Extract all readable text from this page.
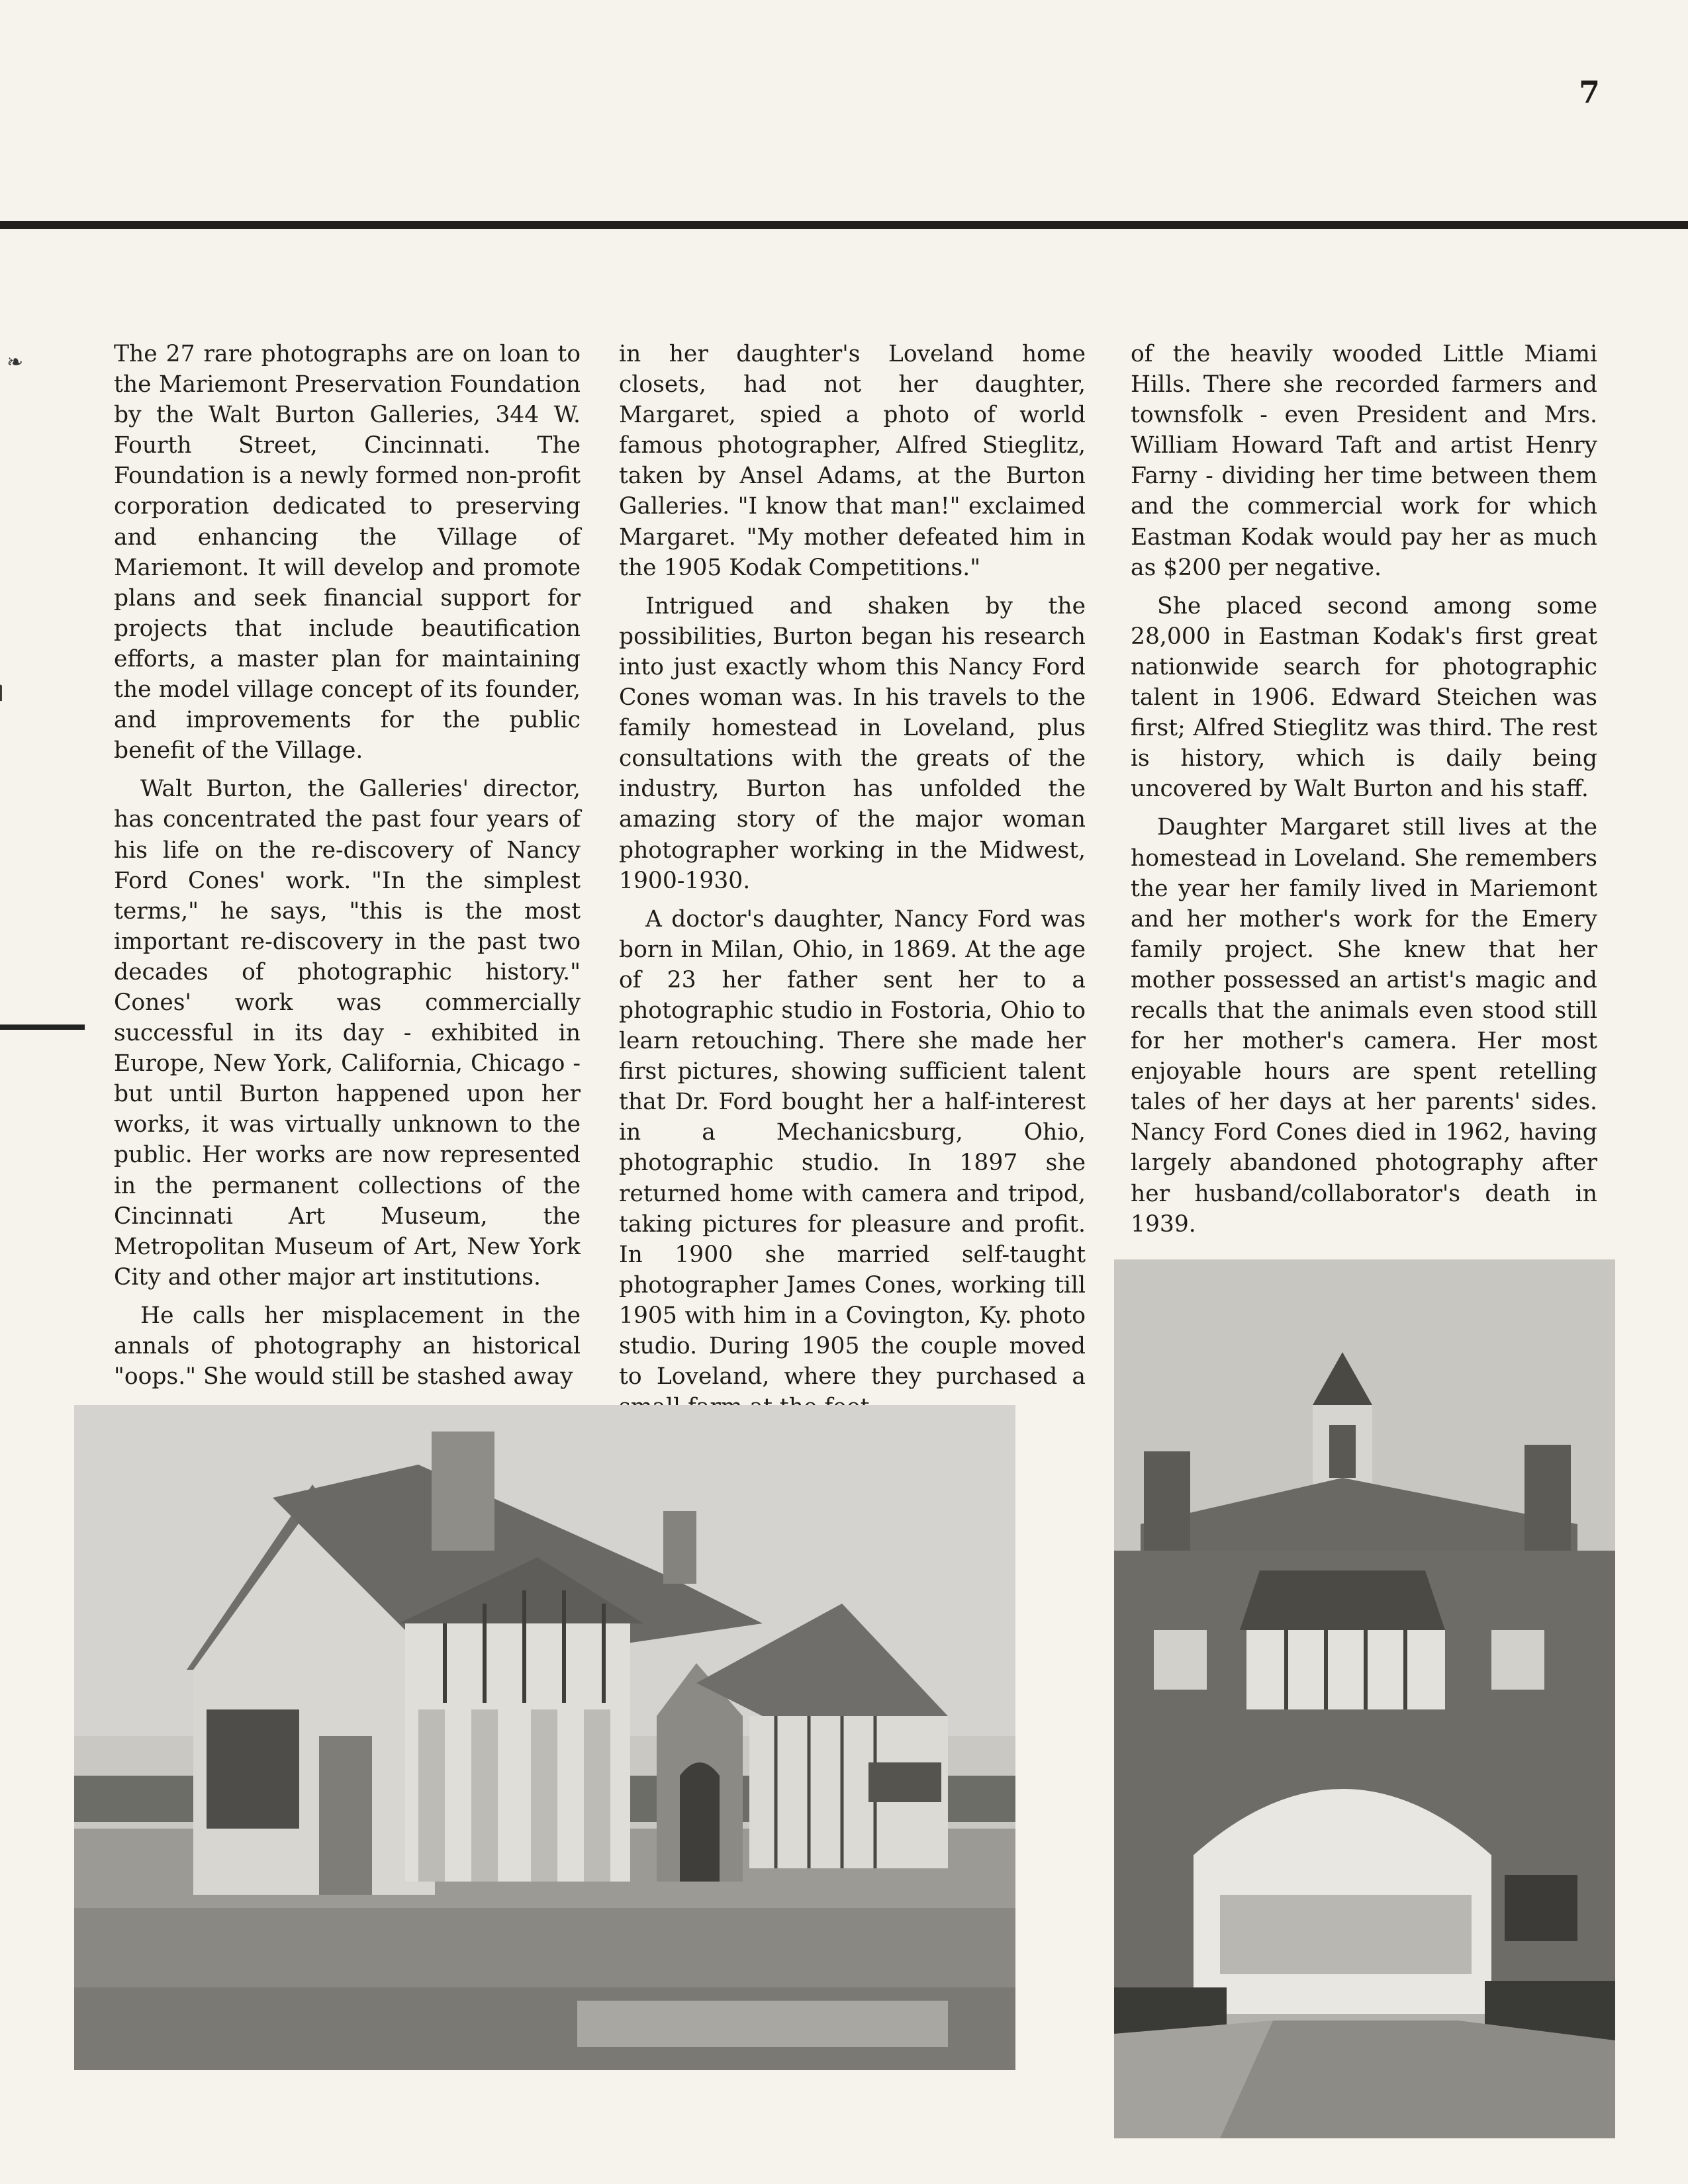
7
❧	The 27 rare photographs are on loan to the Mariemont Preservation Foundation by the Walt Burton Galleries, 344 W. Fourth Street, Cincinnati. The Foundation is a newly formed non-profit corporation dedicated to preserving and enhancing the Village of Mariemont. It will develop and promote plans and seek financial support for projects that include beautification efforts, a master plan for maintaining the model village concept of its founder, and improvements for the public benefit of the Village.

Walt Burton, the Galleries' director, has concentrated the past four years of his life on the re-discovery of Nancy Ford Cones' work. "In the simplest terms," he says, "this is the most important re-discovery in the past two decades of photographic history." Cones' work was commercially successful in its day - exhibited in Europe, New York, California, Chicago - but until Burton happened upon her works, it was virtually unknown to the public. Her works are now represented in the permanent collections of the Cincinnati Art Museum, the Metropolitan Museum of Art, New York City and other major art institutions.

He calls her misplacement in the annals of photography an historical "oops." She would still be stashed away

in her daughter's Loveland home closets, had not her daughter, Margaret, spied a photo of world famous photographer, Alfred Stieglitz, taken by Ansel Adams, at the Burton Galleries. "I know that man!" exclaimed Margaret. "My mother defeated him in the 1905 Kodak Competitions."

Intrigued and shaken by the possibilities, Burton began his research into just exactly whom this Nancy Ford Cones woman was. In his travels to the family homestead in Loveland, plus consultations with the greats of the industry, Burton has unfolded the amazing story of the major woman photographer working in the Midwest, 1900-1930.

A doctor's daughter, Nancy Ford was born in Milan, Ohio, in 1869. At the age of 23 her father sent her to a photographic studio in Fostoria, Ohio to learn retouching. There she made her first pictures, showing sufficient talent that Dr. Ford bought her a half-interest in a Mechanicsburg, Ohio, photographic studio. In 1897 she returned home with camera and tripod, taking pictures for pleasure and profit. In 1900 she married self-taught photographer James Cones, working till 1905 with him in a Covington, Ky. photo studio. During 1905 the couple moved to Loveland, where they purchased a

of the heavily wooded Little Miami Hills. There she recorded farmers and townsfolk - even President and Mrs. William Howard Taft and artist Henry Farny - dividing her time between them and the commercial work for which Eastman Kodak would pay her as much as $200 per negative.

She placed second among some 28,000 in Eastman Kodak's first great nationwide search for photographic talent in 1906. Edward Steichen was first; Alfred Stieglitz was third. The rest is history, which is daily being uncovered by Walt Burton and his staff.

Daughter Margaret still lives at the homestead in Loveland. She remembers the year her family lived in Mariemont and her mother's work for the Emery family project. She knew that her mother possessed an artist's magic and recalls that the animals even stood still for her mother's camera. Her most enjoyable hours are spent retelling tales of her days at her parents' sides. Nancy Ford Cones died in 1962, having largely abandoned photography after her husband/collaborator's death in 1939.
